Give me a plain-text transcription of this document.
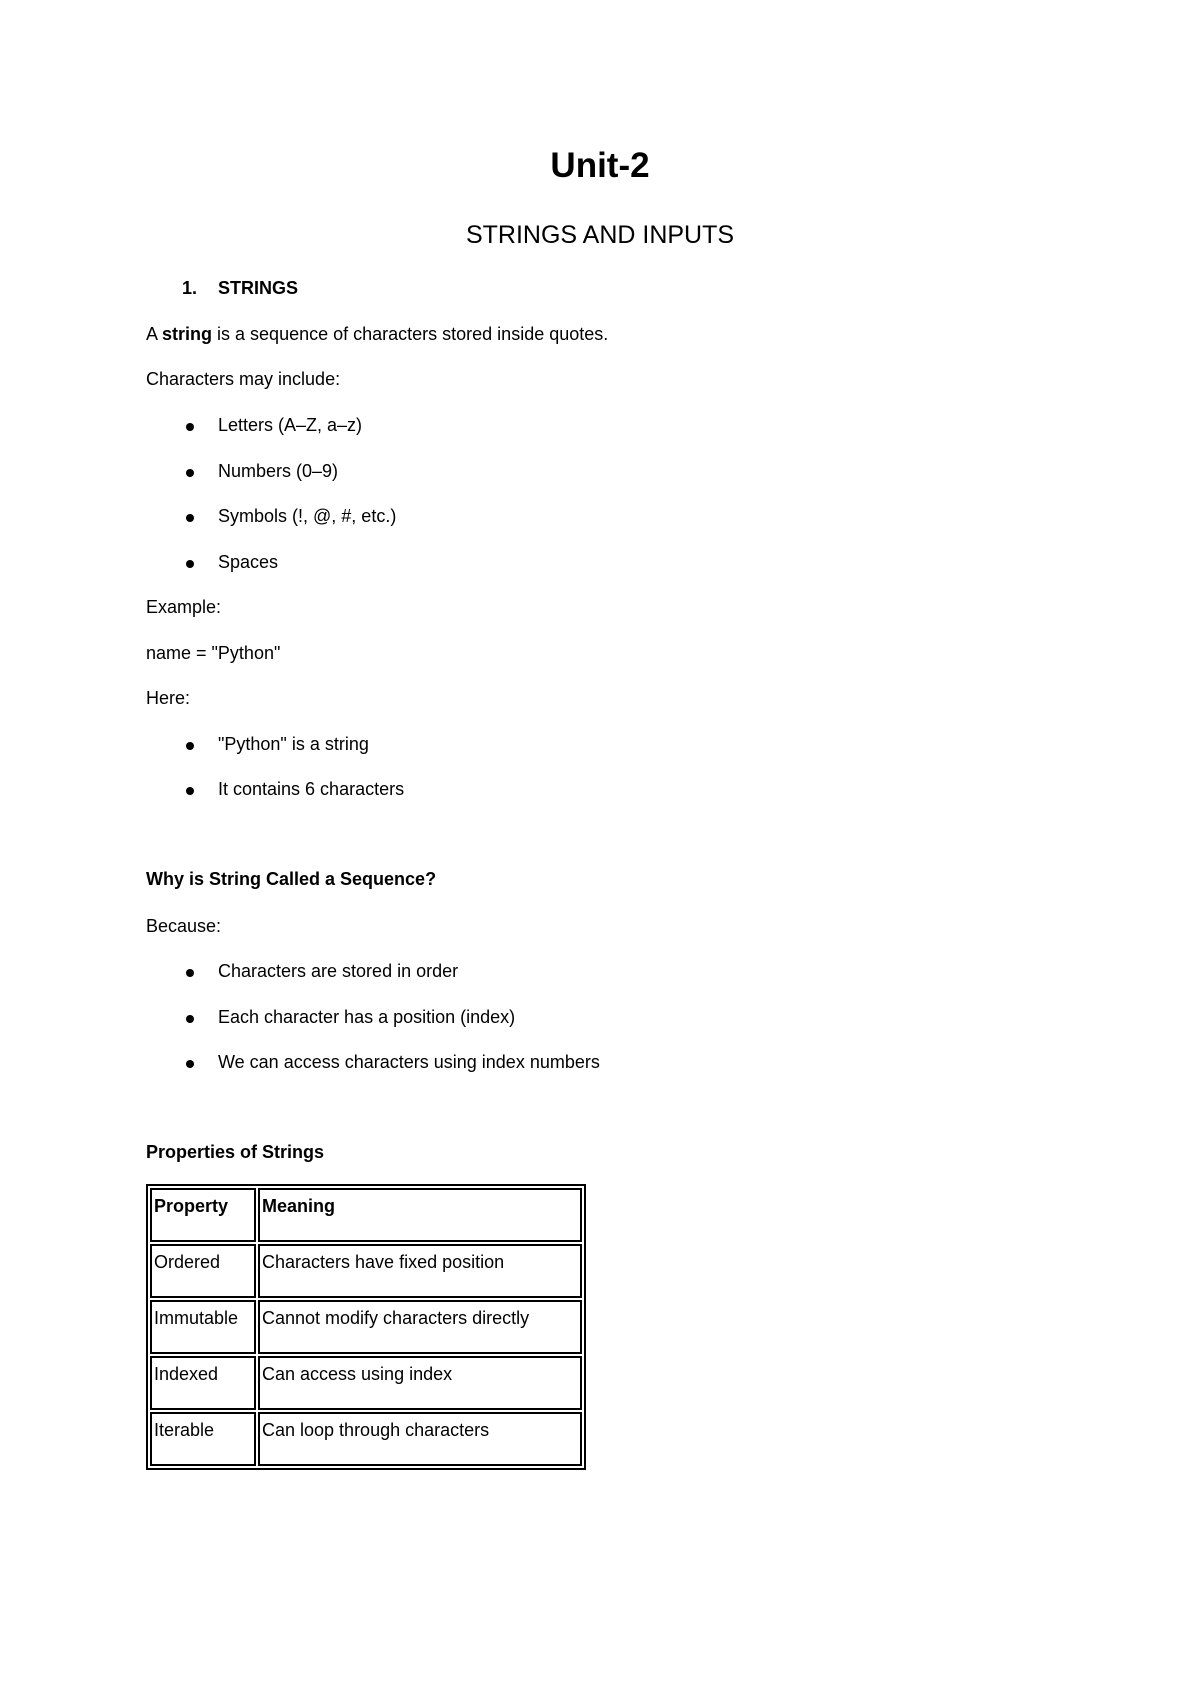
Unit-2
STRINGS AND INPUTS
1. STRINGS
A string is a sequence of characters stored inside quotes.
Characters may include:
Letters (A–Z, a–z)
Numbers (0–9)
Symbols (!, @, #, etc.)
Spaces
Example:
name = "Python"
Here:
"Python" is a string
It contains 6 characters
Why is String Called a Sequence?
Because:
Characters are stored in order
Each character has a position (index)
We can access characters using index numbers
Properties of Strings
Property	Meaning
Ordered	Characters have fixed position
Immutable	Cannot modify characters directly
Indexed	Can access using index
Iterable	Can loop through characters
